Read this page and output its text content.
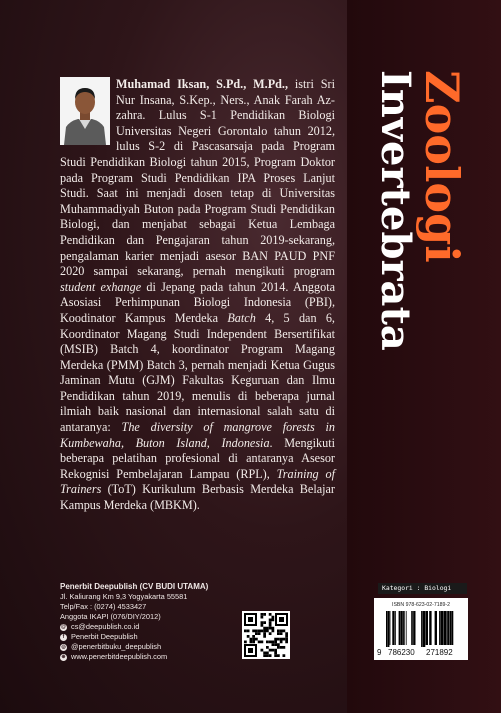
Muhamad Iksan, S.Pd., M.Pd., istri Sri Nur Insana, S.Kep., Ners., Anak Farah Az-zahra. Lulus S-1 Pendidikan Biologi Universitas Negeri Gorontalo tahun 2012, lulus S-2 di Pascasarsaja pada Program Studi Pendidikan Biologi tahun 2015, Program Doktor pada Program Studi Pendidikan IPA Proses Lanjut Studi. Saat ini menjadi dosen tetap di Universitas Muhammadiyah Buton pada Program Studi Pendidikan Biologi, dan menjabat sebagai Ketua Lembaga Pendidikan dan Pengajaran tahun 2019-sekarang, pengalaman karier menjadi asesor BAN PAUD PNF 2020 sampai sekarang, pernah mengikuti program student exhange di Jepang pada tahun 2014. Anggota Asosiasi Perhimpunan Biologi Indonesia (PBI), Koodinator Kampus Merdeka Batch 4, 5 dan 6, Koordinator Magang Studi Independent Bersertifikat (MSIB) Batch 4, koordinator Program Magang Merdeka (PMM) Batch 3, pernah menjadi Ketua Gugus Jaminan Mutu (GJM) Fakultas Keguruan dan Ilmu Pendidikan tahun 2019, menulis di beberapa jurnal ilmiah baik nasional dan internasional salah satu di antaranya: The diversity of mangrove forests in Kumbewaha, Buton Island, Indonesia. Mengikuti beberapa pelatihan profesional di antaranya Asesor Rekognisi Pembelajaran Lampau (RPL), Training of Trainers (ToT) Kurikulum Berbasis Merdeka Belajar Kampus Merdeka (MBKM).
Zoologi
Invertebrata
Penerbit Deepublish (CV BUDI UTAMA)
Jl. Kaliurang Km 9,3 Yogyakarta 55581
Telp/Fax : (0274) 4533427
Anggota IKAPI (076/DIY/2012)
@ cs@deepublish.co.id
f Penerbit Deepublish
◎ @penerbitbuku_deepublish
⊕ www.penerbitdeepublish.com
Kategori : Biologi
ISBN 978-623-02-7189-2
9 786230 271892
